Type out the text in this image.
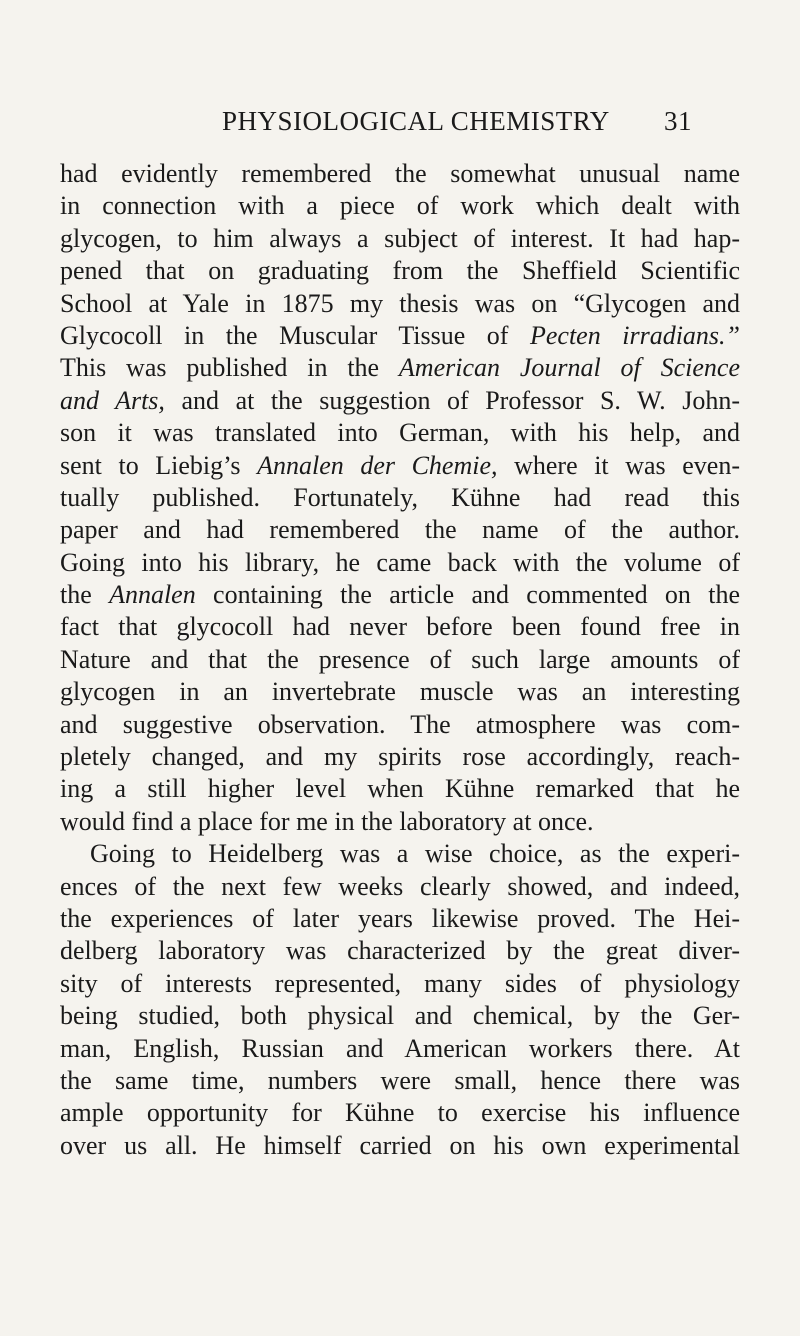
PHYSIOLOGICAL CHEMISTRY 31
had evidently remembered the somewhat unusual name
in connection with a piece of work which dealt with
glycogen, to him always a subject of interest. It had hap-
pened that on graduating from the Sheffield Scientific
School at Yale in 1875 my thesis was on “Glycogen and
Glycocoll in the Muscular Tissue of Pecten irradians.”
This was published in the American Journal of Science
and Arts, and at the suggestion of Professor S. W. John-
son it was translated into German, with his help, and
sent to Liebig’s Annalen der Chemie, where it was even-
tually published. Fortunately, Kühne had read this
paper and had remembered the name of the author.
Going into his library, he came back with the volume of
the Annalen containing the article and commented on the
fact that glycocoll had never before been found free in
Nature and that the presence of such large amounts of
glycogen in an invertebrate muscle was an interesting
and suggestive observation. The atmosphere was com-
pletely changed, and my spirits rose accordingly, reach-
ing a still higher level when Kühne remarked that he
would find a place for me in the laboratory at once.
Going to Heidelberg was a wise choice, as the experi-
ences of the next few weeks clearly showed, and indeed,
the experiences of later years likewise proved. The Hei-
delberg laboratory was characterized by the great diver-
sity of interests represented, many sides of physiology
being studied, both physical and chemical, by the Ger-
man, English, Russian and American workers there. At
the same time, numbers were small, hence there was
ample opportunity for Kühne to exercise his influence
over us all. He himself carried on his own experimental
